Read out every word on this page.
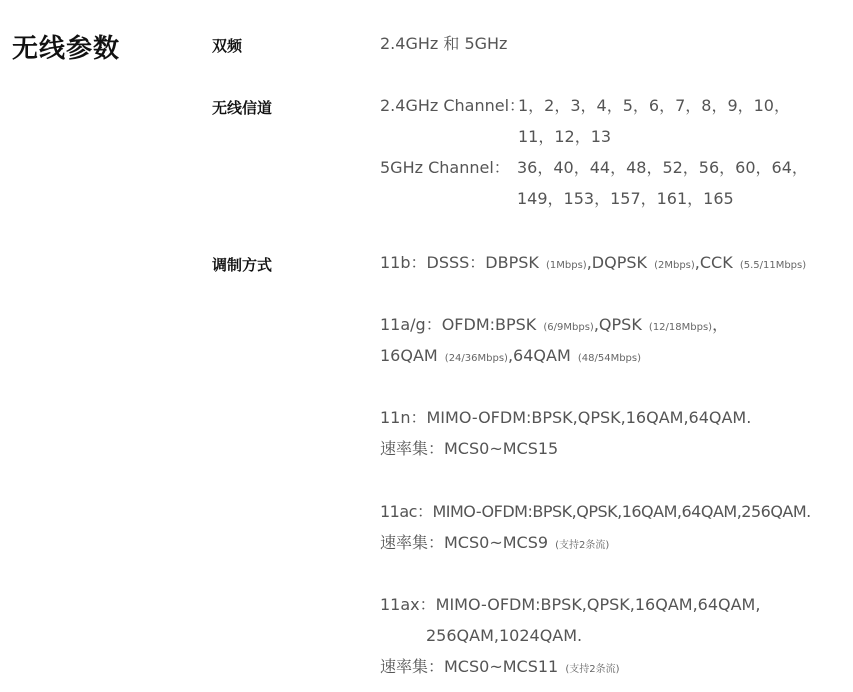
无线参数	双频	2.4GHz 和 5GHz
无线信道	2.4GHz Channel：
1，2，3，4，5，6，7，8，9，10，
11，12，13
5GHz Channel： 36，40，44，48，52，56，60，64，
149，153，157，161，165
调制方式	11b：DSSS：DBPSK (1Mbps),DQPSK (2Mbps),CCK (5.5/11Mbps)
11a/g：OFDM:BPSK (6/9Mbps),QPSK (12/18Mbps)，
16QAM (24/36Mbps),64QAM (48/54Mbps)
11n：MIMO-OFDM:BPSK,QPSK,16QAM,64QAM.
速率集：MCS0~MCS15
11ac：MIMO-OFDM:BPSK,QPSK,16QAM,64QAM,256QAM.
速率集：MCS0~MCS9 (支持2条流)
11ax：MIMO-OFDM:BPSK,QPSK,16QAM,64QAM,
256QAM,1024QAM.
速率集：MCS0~MCS11 (支持2条流)
